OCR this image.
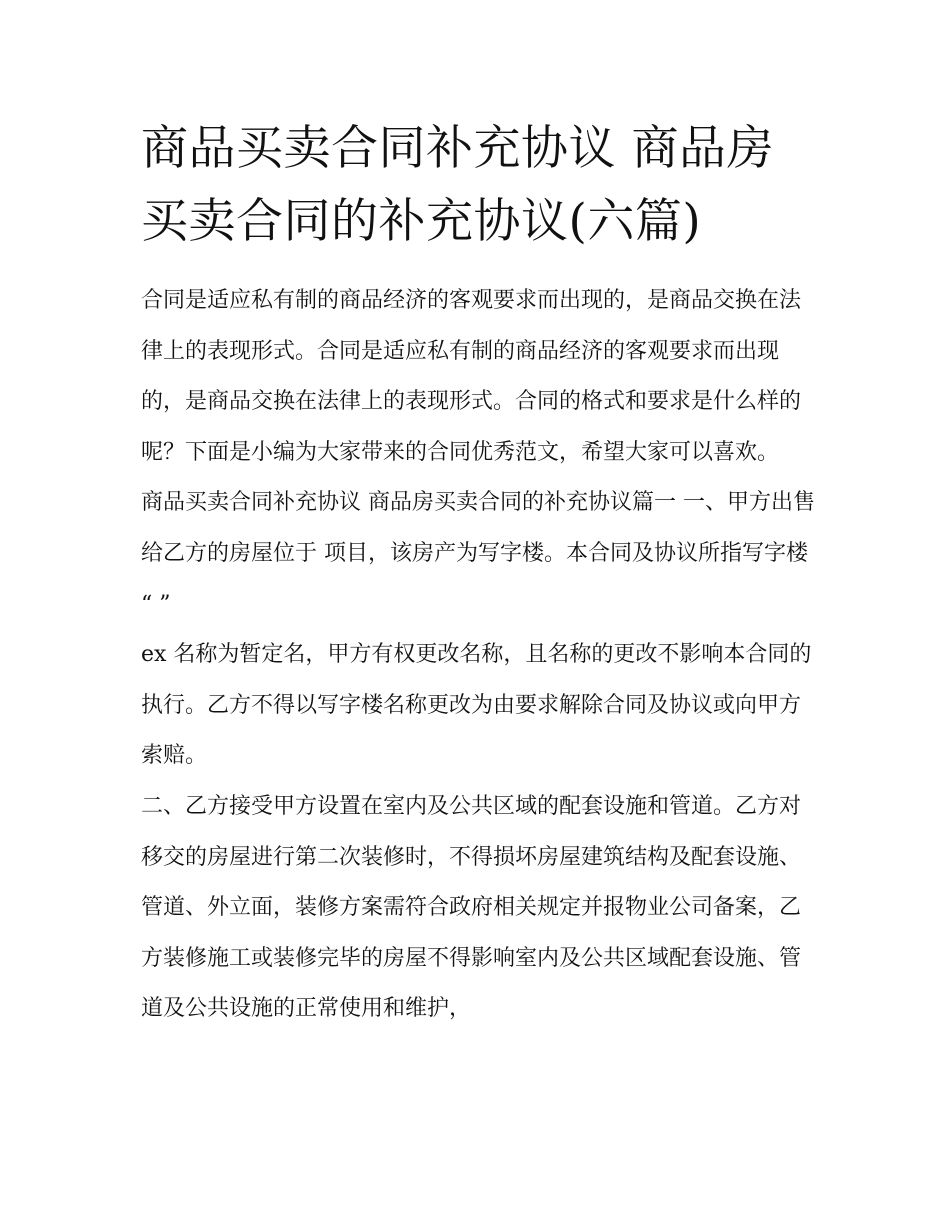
商品买卖合同补充协议 商品房买卖合同的补充协议(六篇)

合同是适应私有制的商品经济的客观要求而出现的，是商品交换在法律上的表现形式。合同是适应私有制的商品经济的客观要求而出现的，是商品交换在法律上的表现形式。合同的格式和要求是什么样的呢？下面是小编为大家带来的合同优秀范文，希望大家可以喜欢。

商品买卖合同补充协议 商品房买卖合同的补充协议篇一 一、甲方出售给乙方的房屋位于 项目，该房产为写字楼。本合同及协议所指写字楼 “ ”

ex 名称为暂定名，甲方有权更改名称，且名称的更改不影响本合同的执行。乙方不得以写字楼名称更改为由要求解除合同及协议或向甲方索赔。

二、乙方接受甲方设置在室内及公共区域的配套设施和管道。乙方对移交的房屋进行第二次装修时，不得损坏房屋建筑结构及配套设施、管道、外立面，装修方案需符合政府相关规定并报物业公司备案，乙方装修施工或装修完毕的房屋不得影响室内及公共区域配套设施、管道及公共设施的正常使用和维护，
